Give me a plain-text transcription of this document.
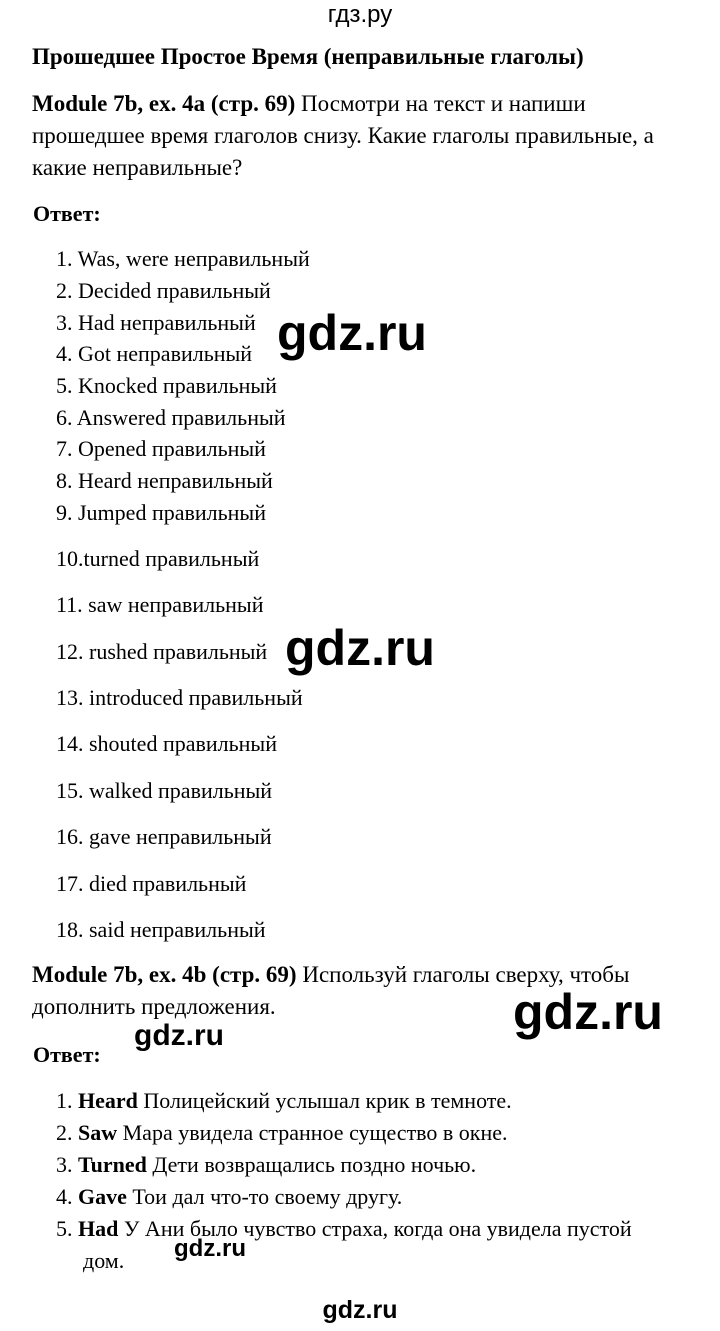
гдз.ру
Прошедшее Простое Время (неправильные глаголы)
Module 7b, ex. 4a (стр. 69) Посмотри на текст и напиши
прошедшее время глаголов снизу. Какие глаголы правильные, а
какие неправильные?
Ответ:
1. Was, were неправильный
2. Decided правильный
3. Had неправильный
4. Got неправильный
5. Knocked правильный
6. Answered правильный
7. Opened правильный
8. Heard неправильный
9. Jumped правильный
10.turned правильный
11. saw неправильный
12. rushed правильный
13. introduced правильный
14. shouted правильный
15. walked правильный
16. gave неправильный
17. died правильный
18. said неправильный
Module 7b, ex. 4b (стр. 69) Используй глаголы сверху, чтобы
дополнить предложения.
Ответ:
1. Heard Полицейский услышал крик в темноте.
2. Saw Мара увидела странное существо в окне.
3. Turned Дети возвращались поздно ночью.
4. Gave Тои дал что-то своему другу.
5. Had У Ани было чувство страха, когда она увидела пустой
дом.
gdz.ru
gdz.ru
gdz.ru
gdz.ru
gdz.ru
gdz.ru
